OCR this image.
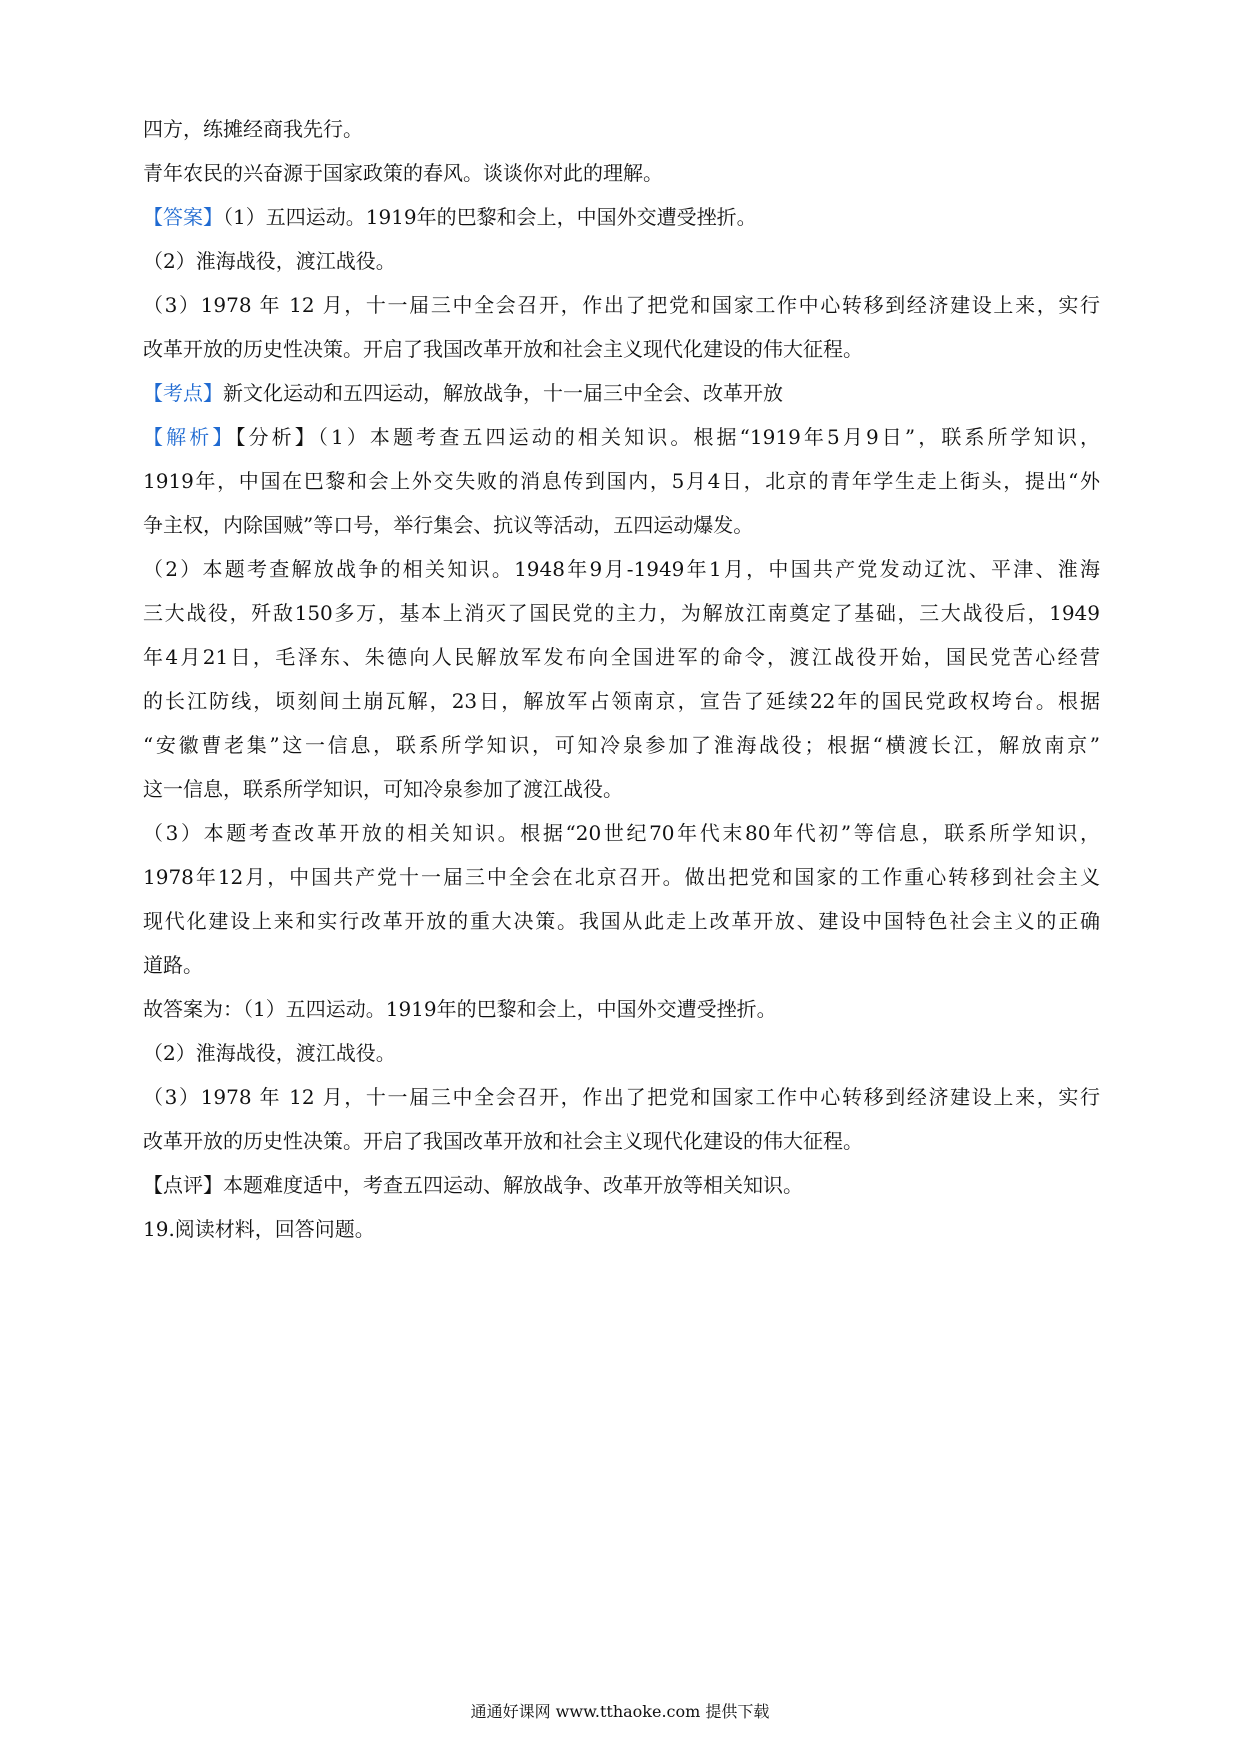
四方，练摊经商我先行。
青年农民的兴奋源于国家政策的春风。谈谈你对此的理解。
【答案】（1）五四运动。1919年的巴黎和会上，中国外交遭受挫折。
（2）淮海战役，渡江战役。
（3）1978 年 12 月，十一届三中全会召开，作出了把党和国家工作中心转移到经济建设上来，实行
改革开放的历史性决策。开启了我国改革开放和社会主义现代化建设的伟大征程。
【考点】新文化运动和五四运动，解放战争，十一届三中全会、改革开放
【解析】【分析】（1）本题考查五四运动的相关知识。根据“1919年5月9日”，联系所学知识，
1919年，中国在巴黎和会上外交失败的消息传到国内，5月4日，北京的青年学生走上街头，提出“外
争主权，内除国贼”等口号，举行集会、抗议等活动，五四运动爆发。
（2）本题考查解放战争的相关知识。1948年9月-1949年1月，中国共产党发动辽沈、平津、淮海
三大战役，歼敌150多万，基本上消灭了国民党的主力，为解放江南奠定了基础，三大战役后，1949
年4月21日，毛泽东、朱德向人民解放军发布向全国进军的命令，渡江战役开始，国民党苦心经营
的长江防线，顷刻间土崩瓦解，23日，解放军占领南京，宣告了延续22年的国民党政权垮台。根据
“安徽曹老集”这一信息，联系所学知识，可知冷泉参加了淮海战役；根据“横渡长江，解放南京”
这一信息，联系所学知识，可知冷泉参加了渡江战役。
（3）本题考查改革开放的相关知识。根据“20世纪70年代末80年代初”等信息，联系所学知识，
1978年12月，中国共产党十一届三中全会在北京召开。做出把党和国家的工作重心转移到社会主义
现代化建设上来和实行改革开放的重大决策。我国从此走上改革开放、建设中国特色社会主义的正确
道路。
故答案为：（1）五四运动。1919年的巴黎和会上，中国外交遭受挫折。
（2）淮海战役，渡江战役。
（3）1978 年 12 月，十一届三中全会召开，作出了把党和国家工作中心转移到经济建设上来，实行
改革开放的历史性决策。开启了我国改革开放和社会主义现代化建设的伟大征程。
【点评】本题难度适中，考查五四运动、解放战争、改革开放等相关知识。
19.阅读材料，回答问题。
通通好课网 www.tthaoke.com 提供下载
